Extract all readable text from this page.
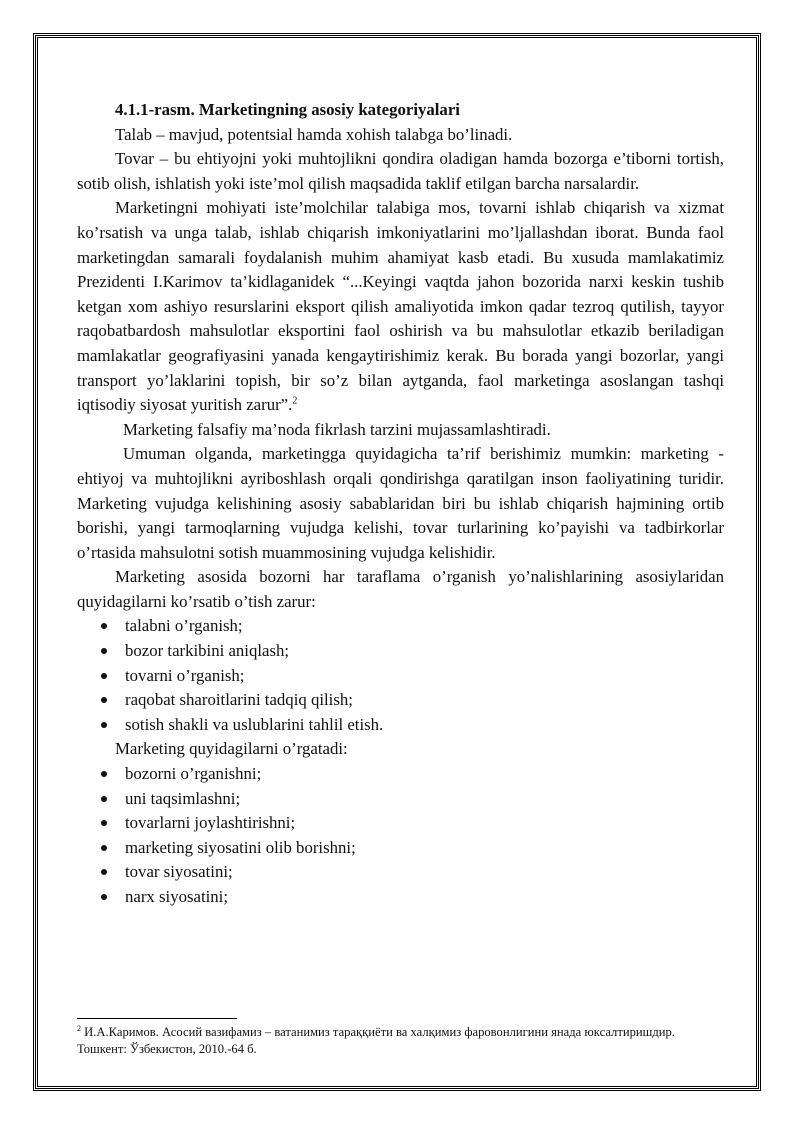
4.1.1-rasm. Marketingning asosiy kategoriyalari

Talab – mavjud, potentsial hamda xohish talabga bo’linadi.

Tovar – bu ehtiyojni yoki muhtojlikni qondira oladigan hamda bozorga e’tiborni tortish, sotib olish, ishlatish yoki iste’mol qilish maqsadida taklif etilgan barcha narsalardir.

Marketingni mohiyati iste’molchilar talabiga mos, tovarni ishlab chiqarish va xizmat ko’rsatish va unga talab, ishlab chiqarish imkoniyatlarini mo’ljallashdan iborat. Bunda faol marketingdan samarali foydalanish muhim ahamiyat kasb etadi. Bu xusuda mamlakatimiz Prezidenti I.Karimov ta’kidlaganidek “...Keyingi vaqtda jahon bozorida narxi keskin tushib ketgan xom ashiyo resurslarini eksport qilish amaliyotida imkon qadar tezroq qutilish, tayyor raqobatbardosh mahsulotlar eksportini faol oshirish va bu mahsulotlar etkazib beriladigan mamlakatlar geografiyasini yanada kengaytirishimiz kerak. Bu borada yangi bozorlar, yangi transport yo’laklarini topish, bir so’z bilan aytganda, faol marketinga asoslangan tashqi iqtisodiy siyosat yuritish zarur”.$^2$

Marketing falsafiy ma’noda fikrlash tarzini mujassamlashtiradi.

Umuman olganda, marketingga quyidagicha ta’rif berishimiz mumkin: marketing - ehtiyoj va muhtojlikni ayriboshlash orqali qondirishga qaratilgan inson faoliyatining turidir. Marketing vujudga kelishining asosiy sabablaridan biri bu ishlab chiqarish hajmining ortib borishi, yangi tarmoqlarning vujudga kelishi, tovar turlarining ko’payishi va tadbirkorlar o’rtasida mahsulotni sotish muammosining vujudga kelishidir.

Marketing asosida bozorni har taraflama o’rganish yo’nalishlarining asosiylaridan quyidagilarni ko’rsatib o’tish zarur:

talabni o’rganish;
bozor tarkibini aniqlash;
tovarni o’rganish;
raqobat sharoitlarini tadqiq qilish;
sotish shakli va uslublarini tahlil etish.

Marketing quyidagilarni o’rgatadi:

bozorni o’rganishni;
uni taqsimlashni;
tovarlarni joylashtirishni;
marketing siyosatini olib borishni;
tovar siyosatini;
narx siyosatini;
$^2$ И.А.Каримов. Асосий вазифамиз – ватанимиз тараққиёти ва халқимиз фаровонлигини янада юксалтиришдир.
Тошкент: Ўзбекистон, 2010.-64 б.
